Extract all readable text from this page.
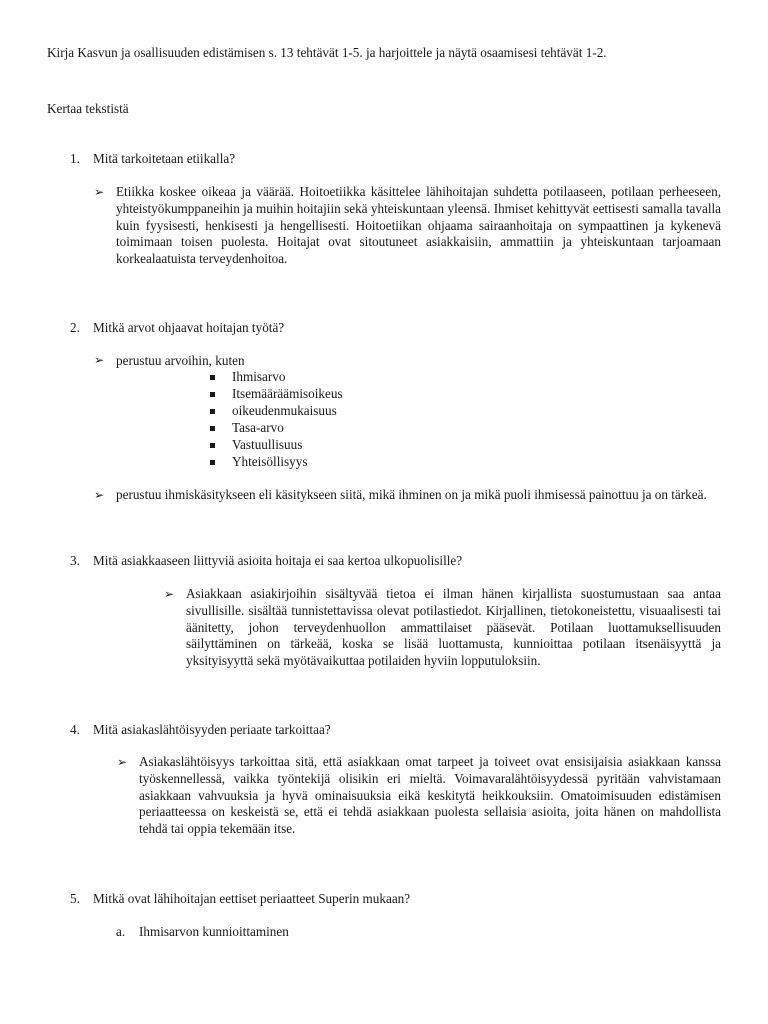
Kirja Kasvun ja osallisuuden edistämisen s. 13 tehtävät 1-5. ja harjoittele ja näytä osaamisesi tehtävät 1-2.
Kertaa tekstistä
1. Mitä tarkoitetaan etiikalla?
➢ Etiikka koskee oikeaa ja väärää. Hoitoetiikka käsittelee lähihoitajan suhdetta potilaaseen, potilaan perheeseen, yhteistyökumppaneihin ja muihin hoitajiin sekä yhteiskuntaan yleensä. Ihmiset kehittyvät eettisesti samalla tavalla kuin fyysisesti, henkisesti ja hengellisesti. Hoitoetiikan ohjaama sairaanhoitaja on sympaattinen ja kykenevä toimimaan toisen puolesta. Hoitajat ovat sitoutuneet asiakkaisiin, ammattiin ja yhteiskuntaan tarjoamaan korkealaatuista terveydenhoitoa.
2. Mitkä arvot ohjaavat hoitajan työtä?
➢ perustuu arvoihin, kuten
Ihmisarvo
Itsemääräämisoikeus
oikeudenmukaisuus
Tasa-arvo
Vastuullisuus
Yhteisöllisyys
➢ perustuu ihmiskäsitykseen eli käsitykseen siitä, mikä ihminen on ja mikä puoli ihmisessä painottuu ja on tärkeä.
3. Mitä asiakkaaseen liittyviä asioita hoitaja ei saa kertoa ulkopuolisille?
➢ Asiakkaan asiakirjoihin sisältyvää tietoa ei ilman hänen kirjallista suostumustaan saa antaa sivullisille. sisältää tunnistettavissa olevat potilastiedot. Kirjallinen, tietokoneistettu, visuaalisesti tai äänitetty, johon terveydenhuollon ammattilaiset pääsevät. Potilaan luottamuksellisuuden säilyttäminen on tärkeää, koska se lisää luottamusta, kunnioittaa potilaan itsenäisyyttä ja yksityisyyttä sekä myötävaikuttaa potilaiden hyviin lopputuloksiin.
4. Mitä asiakaslähtöisyyden periaate tarkoittaa?
➢ Asiakaslähtöisyys tarkoittaa sitä, että asiakkaan omat tarpeet ja toiveet ovat ensisijaisia asiakkaan kanssa työskennellessä, vaikka työntekijä olisikin eri mieltä. Voimavaralähtöisyydessä pyritään vahvistamaan asiakkaan vahvuuksia ja hyvä ominaisuuksia eikä keskitytä heikkouksiin. Omatoimisuuden edistämisen periaatteessa on keskeistä se, että ei tehdä asiakkaan puolesta sellaisia asioita, joita hänen on mahdollista tehdä tai oppia tekemään itse.
5. Mitkä ovat lähihoitajan eettiset periaatteet Superin mukaan?
a. Ihmisarvon kunnioittaminen
